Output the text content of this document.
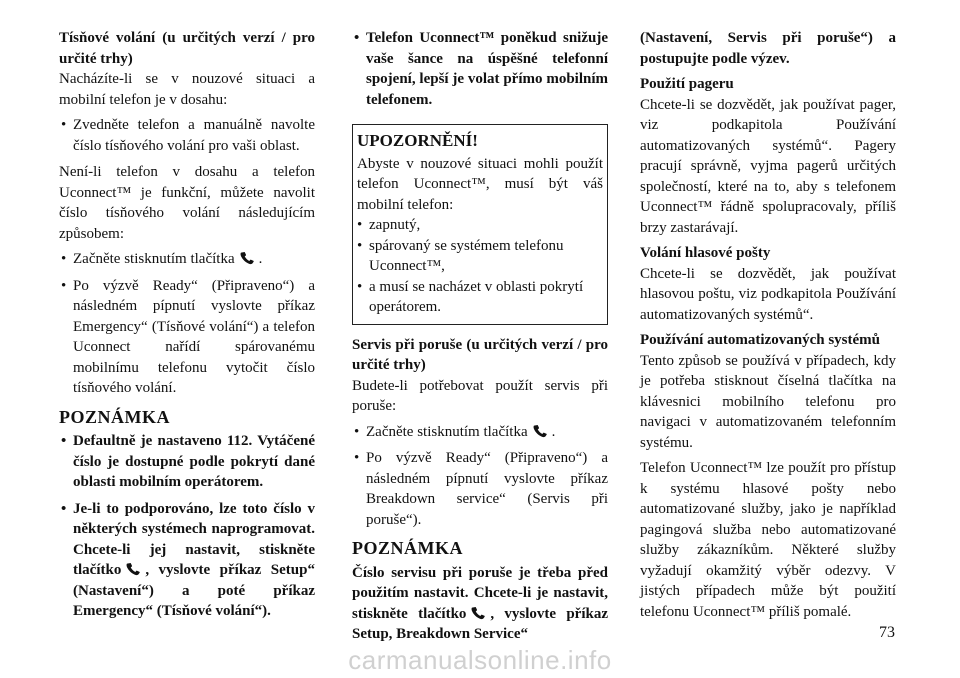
Tísňové volání (u určitých verzí / pro určité trhy)

Nacházíte-li se v nouzové situaci a mobilní telefon je v dosahu:

• Zvedněte telefon a manuálně navolte číslo tísňového volání pro vaši oblast.

Není-li telefon v dosahu a telefon Uconnect™ je funkční, můžete navolit číslo tísňového volání následujícím způsobem:

• Začněte stisknutím tlačítka .
• Po výzvě Ready“ (Připraveno“) a následném pípnutí vyslovte příkaz Emergency“ (Tísňové volání“) a telefon Uconnect nařídí spárovanému mobilnímu telefonu vytočit číslo tísňového volání.
POZNÁMKA
• Defaultně je nastaveno 112. Vytáčené číslo je dostupné podle pokrytí dané oblasti mobilním operátorem.
• Je-li to podporováno, lze toto číslo v některých systémech naprogramovat. Chcete-li jej nastavit, stiskněte tlačítko , vyslovte příkaz Setup“ (Nastavení“) a poté příkaz Emergency“ (Tísňové volání“).
• Telefon Uconnect™ poněkud snižuje vaše šance na úspěšné telefonní spojení, lepší je volat přímo mobilním telefonem.
UPOZORNĚNÍ!

Abyste v nouzové situaci mohli použít telefon Uconnect™, musí být váš mobilní telefon:

• zapnutý,
• spárovaný se systémem telefonu Uconnect™,
• a musí se nacházet v oblasti pokrytí operátorem.

Servis při poruše (u určitých verzí / pro určité trhy)

Budete-li potřebovat použít servis při poruše:

• Začněte stisknutím tlačítka .
• Po výzvě Ready“ (Připraveno“) a následném pípnutí vyslovte příkaz Breakdown service“ (Servis při poruše“).
POZNÁMKA

Číslo servisu při poruše je třeba před použitím nastavit. Chcete-li je nastavit, stiskněte tlačítko , vyslovte příkaz Setup, Breakdown Service“

(Nastavení, Servis při poruše“) a postupujte podle výzev.

Použití pageru

Chcete-li se dozvědět, jak používat pager, viz podkapitola Používání automatizovaných systémů“. Pagery pracují správně, vyjma pagerů určitých společností, které na to, aby s telefonem Uconnect™ řádně spolupracovaly, příliš brzy zastarávají.

Volání hlasové pošty

Chcete-li se dozvědět, jak používat hlasovou poštu, viz podkapitola Používání automatizovaných systémů“.

Používání automatizovaných systémů

Tento způsob se používá v případech, kdy je potřeba stisknout číselná tlačítka na klávesnici mobilního telefonu pro navigaci v automatizovaném telefonním systému.

Telefon Uconnect™ lze použít pro přístup k systému hlasové pošty nebo automatizované služby, jako je například pagingová služba nebo automatizované služby zákazníkům. Některé služby vyžadují okamžitý výběr odezvy. V jistých případech může být použití telefonu Uconnect™ příliš pomalé.

73
carmanualsonline.info
